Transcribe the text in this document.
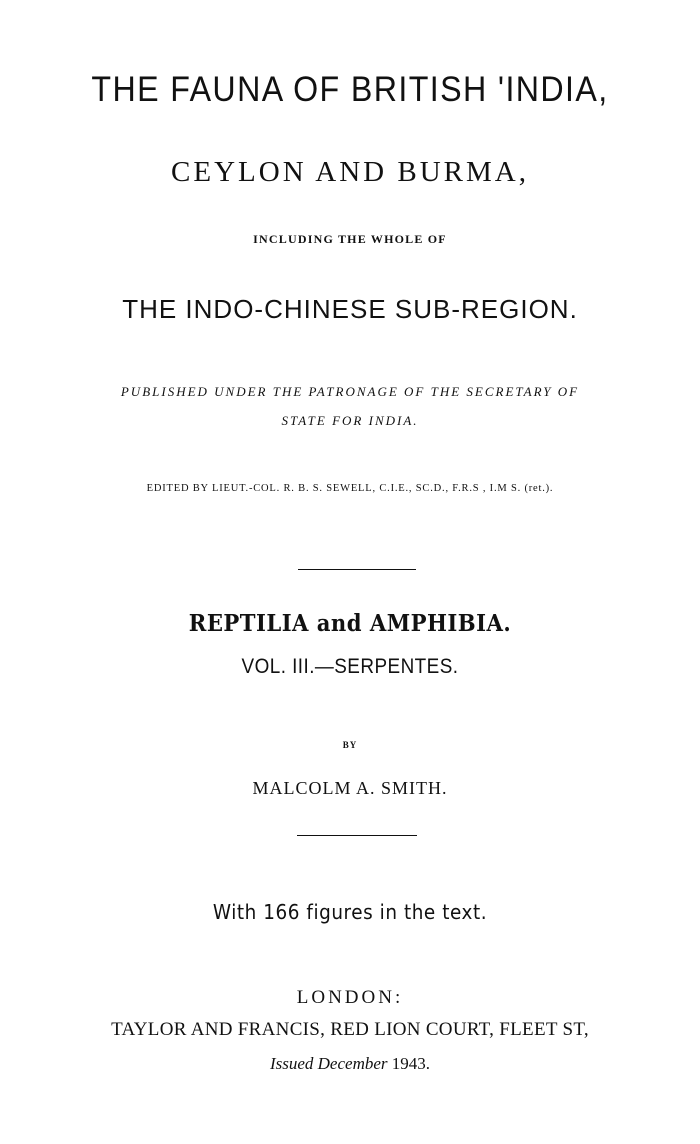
THE FAUNA OF BRITISH 'INDIA,
CEYLON AND BURMA,
INCLUDING THE WHOLE OF
THE INDO-CHINESE SUB-REGION.
PUBLISHED UNDER THE PATRONAGE OF THE SECRETARY OF
STATE FOR INDIA.
EDITED BY LIEUT.-COL. R. B. S. SEWELL, C.I.E., SC.D., F.R.S , I.M S. (ret.).
REPTILIA and AMPHIBIA.
VOL. III.—SERPENTES.
BY
MALCOLM A. SMITH.
With 166 figures in the text.
LONDON:
TAYLOR AND FRANCIS, RED LION COURT, FLEET ST,
Issued December 1943.
